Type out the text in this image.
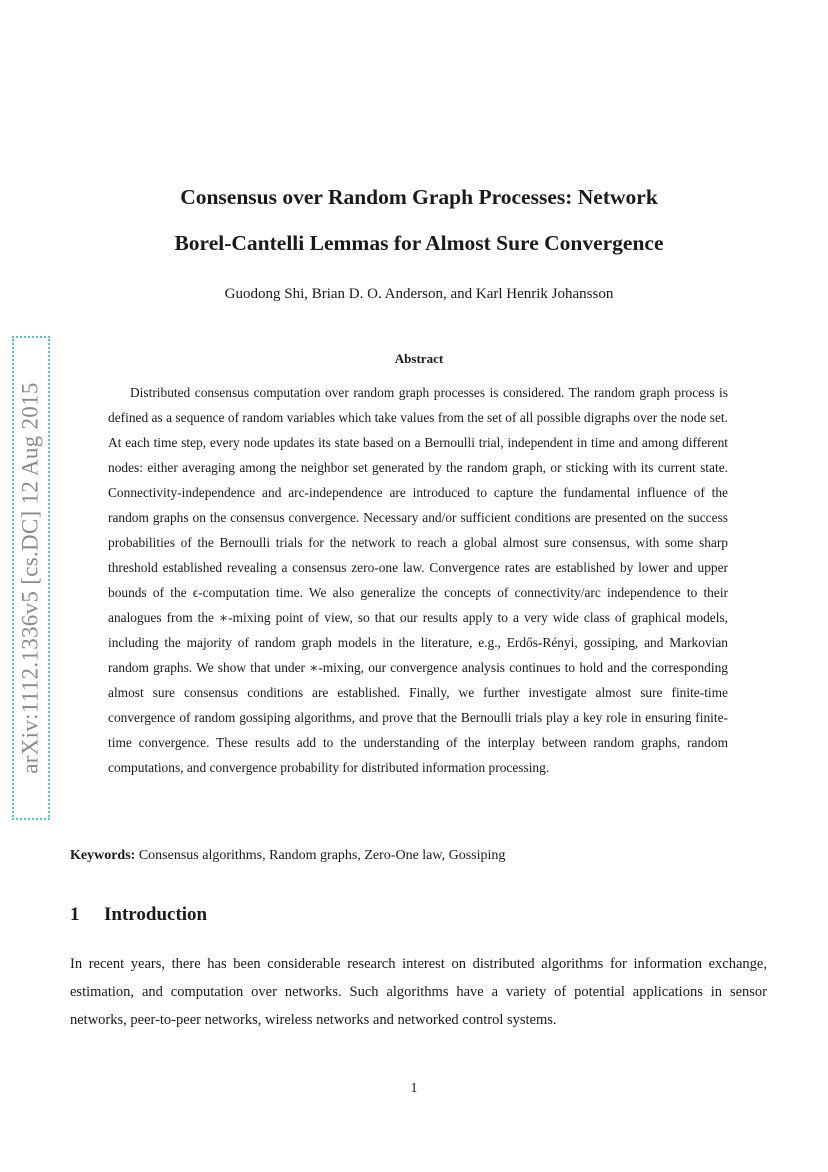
arXiv:1112.1336v5 [cs.DC] 12 Aug 2015
Consensus over Random Graph Processes: Network
Borel-Cantelli Lemmas for Almost Sure Convergence
Guodong Shi, Brian D. O. Anderson, and Karl Henrik Johansson
Abstract

Distributed consensus computation over random graph processes is considered. The random graph process is defined as a sequence of random variables which take values from the set of all possible digraphs over the node set. At each time step, every node updates its state based on a Bernoulli trial, independent in time and among different nodes: either averaging among the neighbor set generated by the random graph, or sticking with its current state. Connectivity-independence and arc-independence are introduced to capture the fundamental influence of the random graphs on the consensus convergence. Necessary and/or sufficient conditions are presented on the success probabilities of the Bernoulli trials for the network to reach a global almost sure consensus, with some sharp threshold established revealing a consensus zero-one law. Convergence rates are established by lower and upper bounds of the ϵ-computation time. We also generalize the concepts of connectivity/arc independence to their analogues from the ∗-mixing point of view, so that our results apply to a very wide class of graphical models, including the majority of random graph models in the literature, e.g., Erdős-Rényi, gossiping, and Markovian random graphs. We show that under ∗-mixing, our convergence analysis continues to hold and the corresponding almost sure consensus conditions are established. Finally, we further investigate almost sure finite-time convergence of random gossiping algorithms, and prove that the Bernoulli trials play a key role in ensuring finite-time convergence. These results add to the understanding of the interplay between random graphs, random computations, and convergence probability for distributed information processing.

Keywords: Consensus algorithms, Random graphs, Zero-One law, Gossiping
1 Introduction

In recent years, there has been considerable research interest on distributed algorithms for information exchange, estimation, and computation over networks. Such algorithms have a variety of potential applications in sensor networks, peer-to-peer networks, wireless networks and networked control systems.

1
